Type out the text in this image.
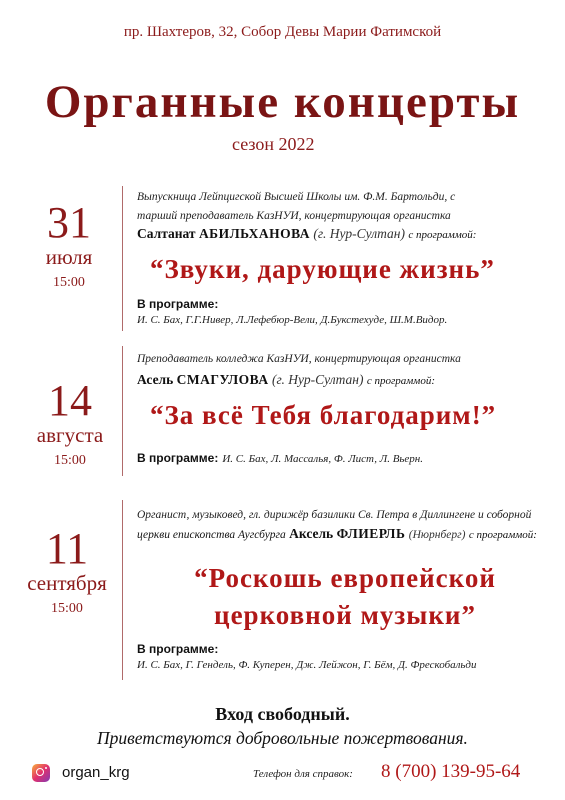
пр. Шахтеров, 32, Собор Девы Марии Фатимской
Органные концерты
сезон 2022
31
июля
15:00
Выпускница Лейпцигской Высшей Школы им. Ф.М. Бартольди, с
тарший преподаватель КазНУИ, концертирующая органистка
Салтанат АБИЛЬХАНОВА (г. Нур-Султан) с программой:
“Звуки, дарующие жизнь”
В программе:
И. С. Бах, Г.Г.Нивер, Л.Лефебюр-Вели, Д.Букстехуде, Ш.М.Видор.
14
августа
15:00
Преподаватель колледжа КазНУИ, концертирующая органистка
Асель СМАГУЛОВА (г. Нур-Султан) с программой:
“За всё Тебя благодарим!”
В программе: И. С. Бах, Л. Массалья, Ф. Лист, Л. Вьерн.
11
сентября
15:00
Органист, музыковед, гл. дирижёр базилики Св. Петра в Диллингене и соборной
церкви епископства Аугсбурга Аксель ФЛИЕРЛЬ (Нюрнберг) с программой:
“Роскошь европейской
церковной музыки”
В программе:
И. С. Бах, Г. Гендель, Ф. Куперен, Дж. Лейжон, Г. Бём, Д. Фрескобальди
Вход свободный.
Приветствуются добровольные пожертвования.
organ_krg	Телефон для справок: 8 (700) 139-95-64
